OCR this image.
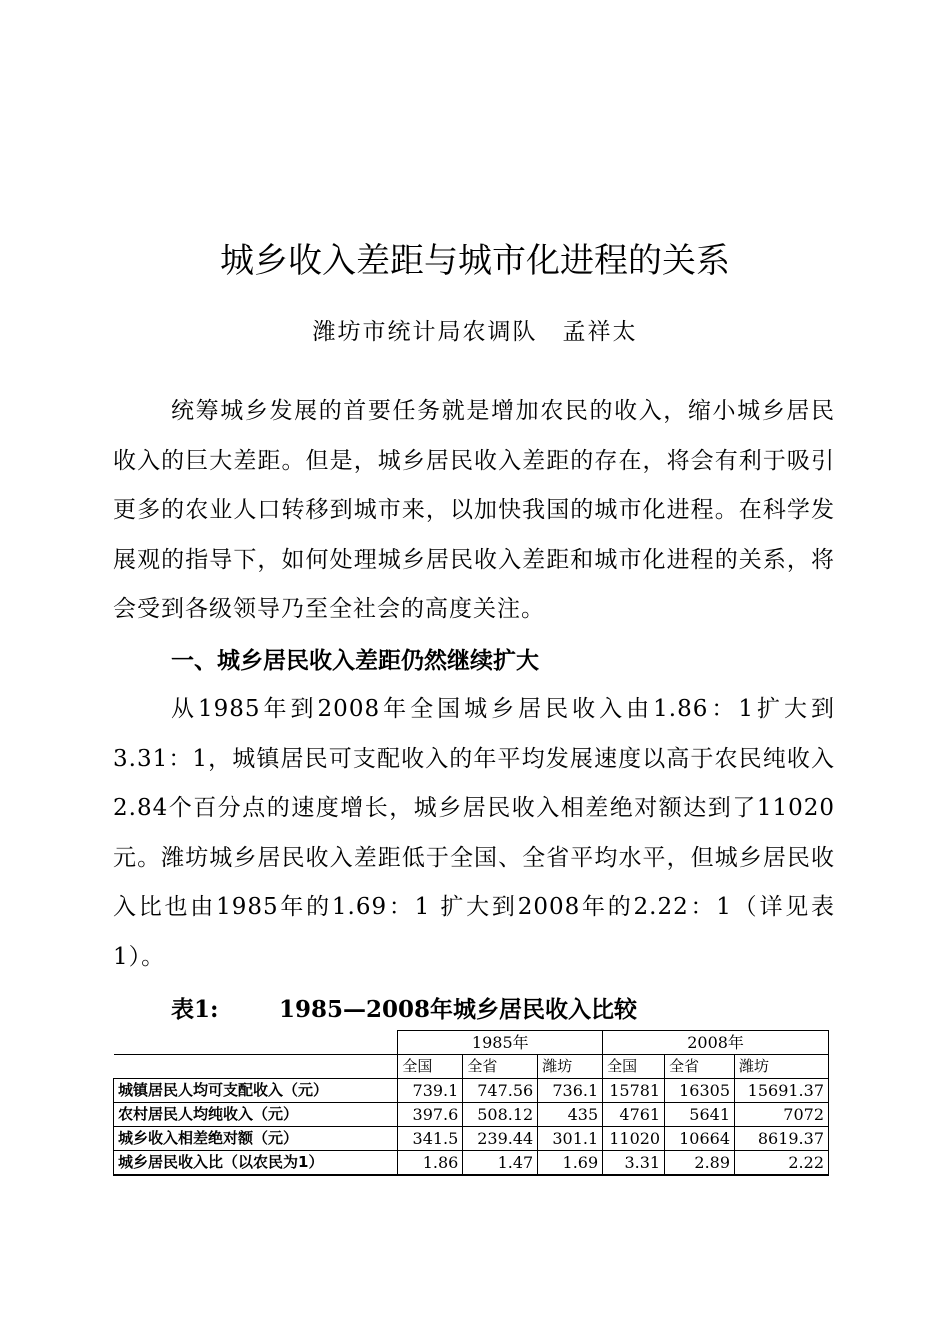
城乡收入差距与城市化进程的关系
潍坊市统计局农调队　孟祥太

统筹城乡发展的首要任务就是增加农民的收入，缩小城乡居民收入的巨大差距。但是，城乡居民收入差距的存在，将会有利于吸引更多的农业人口转移到城市来，以加快我国的城市化进程。在科学发展观的指导下，如何处理城乡居民收入差距和城市化进程的关系，将会受到各级领导乃至全社会的高度关注。

一、城乡居民收入差距仍然继续扩大

从1985年到2008年全国城乡居民收入由1.86：1扩大到3.31：1，城镇居民可支配收入的年平均发展速度以高于农民纯收入2.84个百分点的速度增长，城乡居民收入相差绝对额达到了11020元。潍坊城乡居民收入差距低于全国、全省平均水平，但城乡居民收入比也由1985年的1.69：1 扩大到2008年的2.22：1（详见表1）。

表1:	1985—2008年城乡居民收入比较
	1985年			2008年		
	全国	全省	潍坊	全国	全省	潍坊
城镇居民人均可支配收入（元）	739.1	747.56	736.1	15781	16305	15691.37
农村居民人均纯收入（元）	397.6	508.12	435	4761	5641	7072
城乡收入相差绝对额（元）	341.5	239.44	301.1	11020	10664	8619.37
城乡居民收入比（以农民为1）	1.86	1.47	1.69	3.31	2.89	2.22
